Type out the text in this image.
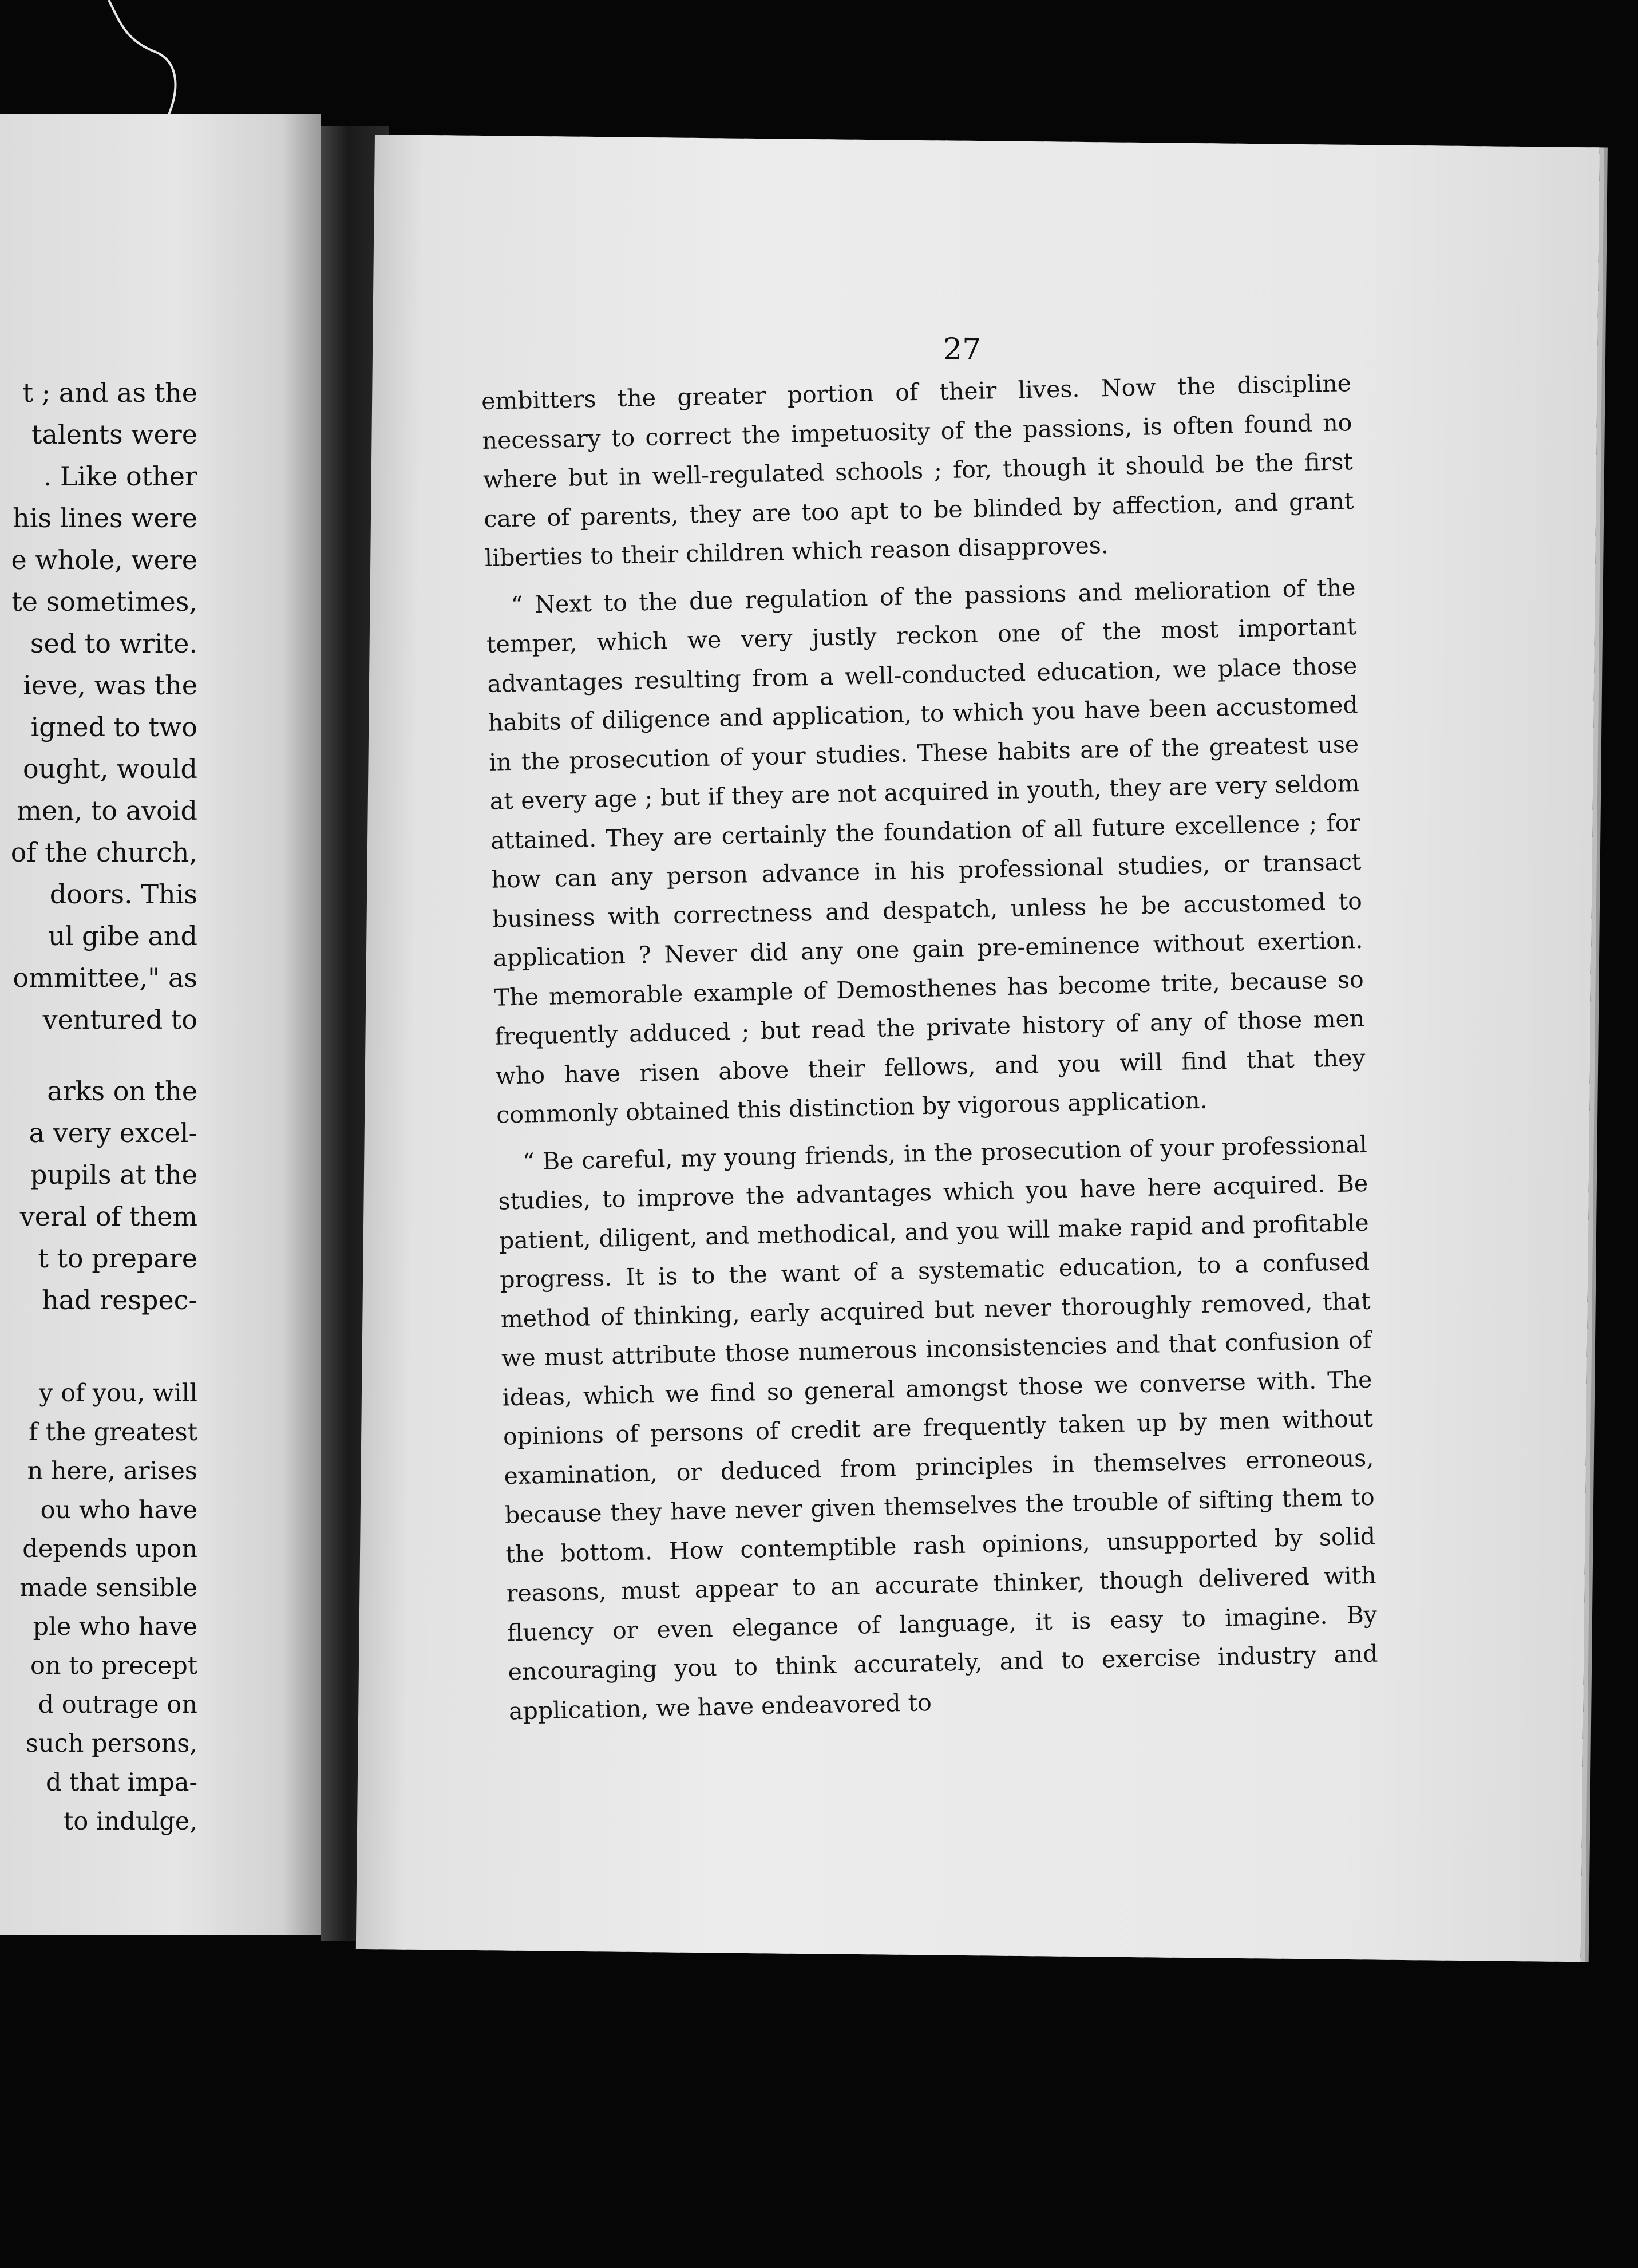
t ; and as the
talents were
. Like other
his lines were
e whole, were
te sometimes,
sed to write.
ieve, was the
igned to two
ought, would
men, to avoid
of the church,
doors. This
ul gibe and
ommittee," as
ventured to
arks on the
a very excel-
pupils at the
veral of them
t to prepare
had respec-
y of you, will
f the greatest
n here, arises
ou who have
depends upon
made sensible
ple who have
on to precept
d outrage on
such persons,
d that impa-
to indulge,
27

embitters the greater portion of their lives. Now the discipline necessary to correct the impetuosity of the passions, is often found no where but in well-regulated schools ; for, though it should be the first care of parents, they are too apt to be blinded by affection, and grant liberties to their children which reason disapproves.

“ Next to the due regulation of the passions and melioration of the temper, which we very justly reckon one of the most important advantages resulting from a well-conducted education, we place those habits of diligence and application, to which you have been accustomed in the prosecution of your studies. These habits are of the greatest use at every age ; but if they are not acquired in youth, they are very seldom attained. They are certainly the foundation of all future excellence ; for how can any person advance in his professional studies, or transact business with correctness and despatch, unless he be accustomed to application ? Never did any one gain pre-eminence without exertion. The memorable example of Demosthenes has become trite, because so frequently adduced ; but read the private history of any of those men who have risen above their fellows, and you will find that they commonly obtained this distinction by vigorous application.

“ Be careful, my young friends, in the prosecution of your professional studies, to improve the advantages which you have here acquired. Be patient, diligent, and methodical, and you will make rapid and profitable progress. It is to the want of a systematic education, to a confused method of thinking, early acquired but never thoroughly removed, that we must attribute those numerous inconsistencies and that confusion of ideas, which we find so general amongst those we converse with. The opinions of persons of credit are frequently taken up by men without examination, or deduced from principles in themselves erroneous, because they have never given themselves the trouble of sifting them to the bottom. How contemptible rash opinions, unsupported by solid reasons, must appear to an accurate thinker, though delivered with fluency or even elegance of language, it is easy to imagine. By encouraging you to think accurately, and to exercise industry and application, we have endeavored to
